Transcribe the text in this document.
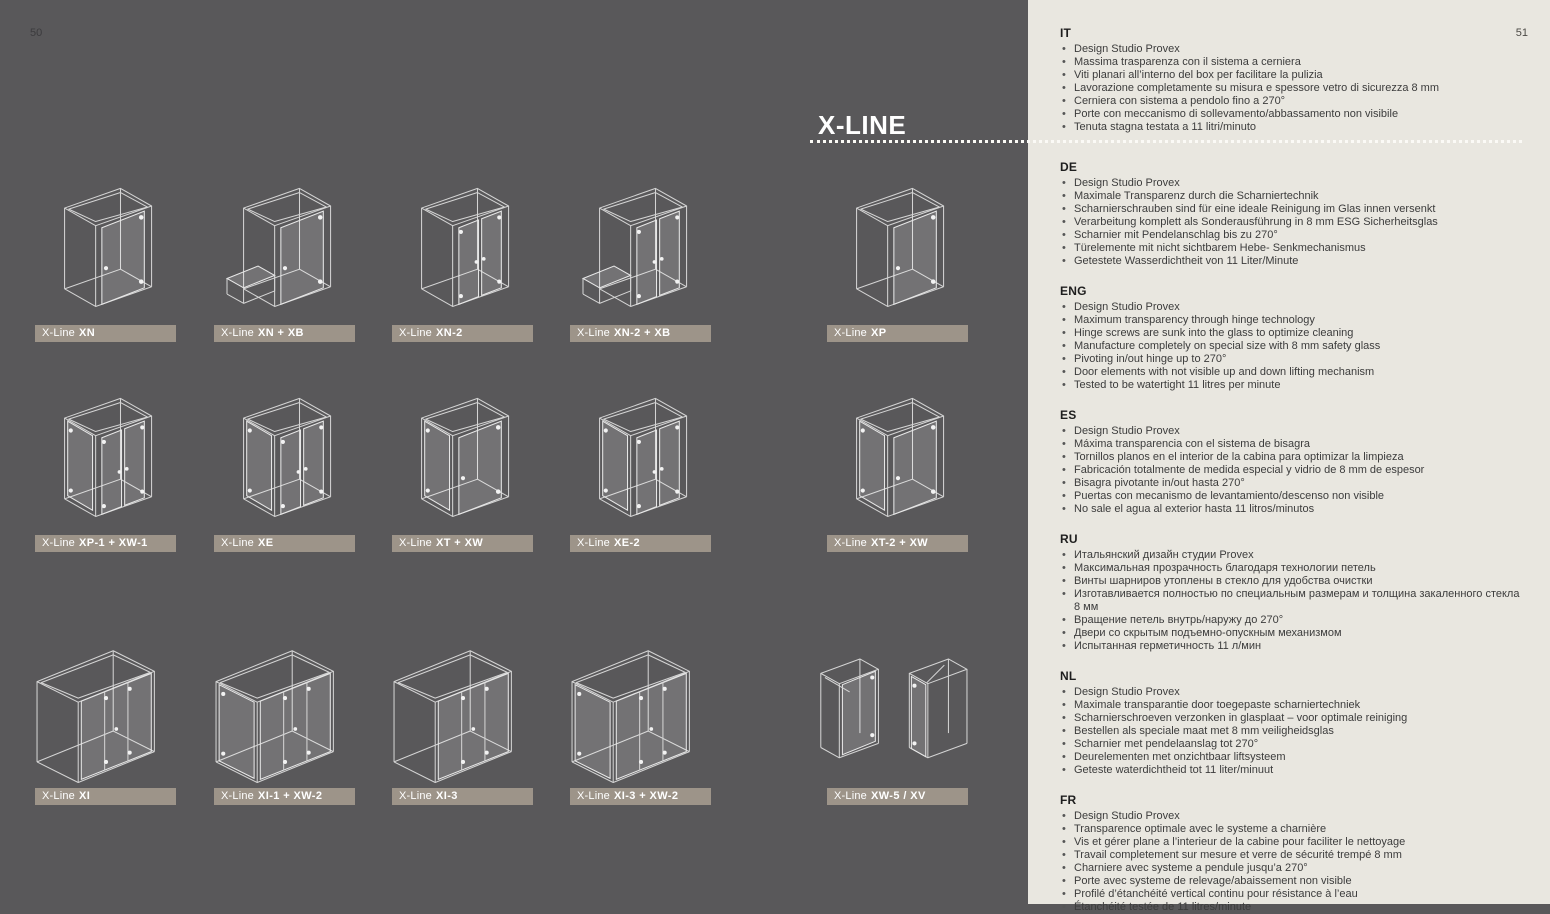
50
X-LINE
X-Line XN	X-Line XN + XB	X-Line XN-2	X-Line XN-2 + XB	X-Line XP
X-Line XP-1 + XW-1	X-Line XE	X-Line XT + XW	X-Line XE-2	X-Line XT-2 + XW
X-Line XI	X-Line XI-1 + XW-2	X-Line XI-3	X-Line XI-3 + XW-2	X-Line XW-5 / XV
51
IT
• Design Studio Provex
• Massima trasparenza con il sistema a cerniera
• Viti planari all’interno del box per facilitare la pulizia
• Lavorazione completamente su misura e spessore vetro di sicurezza 8 mm
• Cerniera con sistema a pendolo fino a 270°
• Porte con meccanismo di sollevamento/abbassamento non visibile
• Tenuta stagna testata a 11 litri/minuto
DE
• Design Studio Provex
• Maximale Transparenz durch die Scharniertechnik
• Scharnierschrauben sind für eine ideale Reinigung im Glas innen versenkt
• Verarbeitung komplett als Sonderausführung in 8 mm ESG Sicherheitsglas
• Scharnier mit Pendelanschlag bis zu 270°
• Türelemente mit nicht sichtbarem Hebe- Senkmechanismus
• Getestete Wasserdichtheit von 11 Liter/Minute
ENG
• Design Studio Provex
• Maximum transparency through hinge technology
• Hinge screws are sunk into the glass to optimize cleaning
• Manufacture completely on special size with 8 mm safety glass
• Pivoting in/out hinge up to 270°
• Door elements with not visible up and down lifting mechanism
• Tested to be watertight 11 litres per minute
ES
• Design Studio Provex
• Máxima transparencia con el sistema de bisagra
• Tornillos planos en el interior de la cabina para optimizar la limpieza
• Fabricación totalmente de medida especial y vidrio de 8 mm de espesor
• Bisagra pivotante in/out hasta 270°
• Puertas con mecanismo de levantamiento/descenso non visible
• No sale el agua al exterior hasta 11 litros/minutos
RU
• Итальянский дизайн студии Provex
• Максимальная прозрачность благодаря технологии петель
• Винты шарниров утоплены в стекло для удобства очистки
• Изготавливается полностью по специальным размерам и толщина закаленного стекла 8 мм
• Вращение петель внутрь/наружу до 270°
• Двери со скрытым подъемно-опускным механизмом
• Испытанная герметичность 11 л/мин
NL
• Design Studio Provex
• Maximale transparantie door toegepaste scharniertechniek
• Scharnierschroeven verzonken in glasplaat – voor optimale reiniging
• Bestellen als speciale maat met 8 mm veiligheidsglas
• Scharnier met pendelaanslag tot 270°
• Deurelementen met onzichtbaar liftsysteem
• Geteste waterdichtheid tot 11 liter/minuut
FR
• Design Studio Provex
• Transparence optimale avec le systeme a charnière
• Vis et gérer plane a l’interieur de la cabine pour faciliter le nettoyage
• Travail completement sur mesure et verre de sécurité trempé 8 mm
• Charniere avec systeme a pendule jusqu’a 270°
• Porte avec systeme de relevage/abaissement non visible
• Profilé d’étanchéité vertical continu pour résistance à l’eau
• Étanchéité testée de 11 litres/minute
